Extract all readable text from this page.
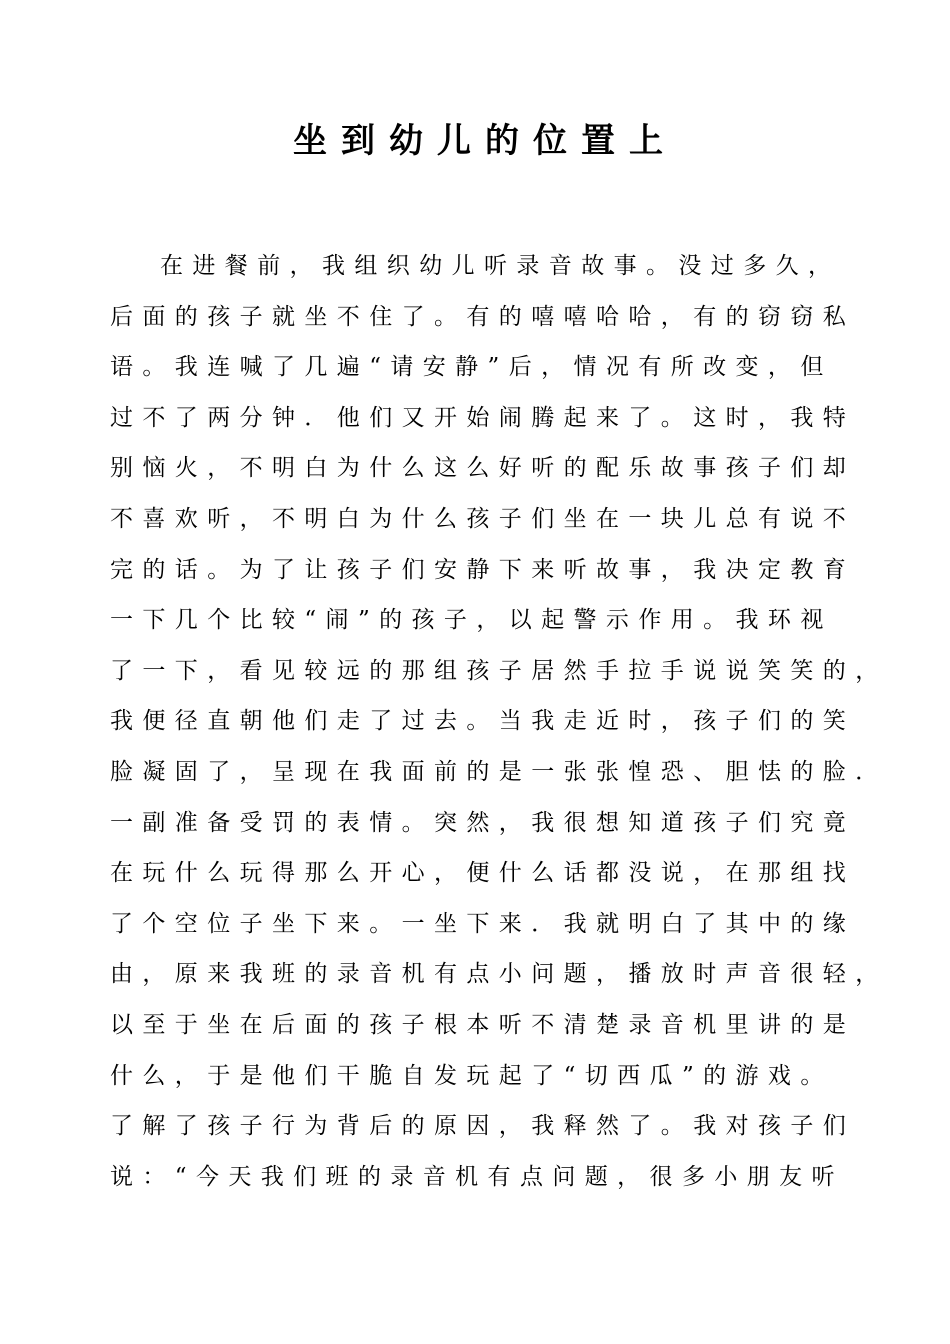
坐到幼儿的位置上
在进餐前，我组织幼儿听录音故事。没过多久，
后面的孩子就坐不住了。有的嘻嘻哈哈，有的窃窃私
语。我连喊了几遍“请安静”后，情况有所改变，但
过不了两分钟．他们又开始闹腾起来了。这时，我特
别恼火，不明白为什么这么好听的配乐故事孩子们却
不喜欢听，不明白为什么孩子们坐在一块儿总有说不
完的话。为了让孩子们安静下来听故事，我决定教育
一下几个比较“闹”的孩子，以起警示作用。我环视
了一下，看见较远的那组孩子居然手拉手说说笑笑的，
我便径直朝他们走了过去。当我走近时，孩子们的笑
脸凝固了，呈现在我面前的是一张张惶恐、胆怯的脸．
一副准备受罚的表情。突然，我很想知道孩子们究竟
在玩什么玩得那么开心，便什么话都没说，在那组找
了个空位子坐下来。一坐下来．我就明白了其中的缘
由，原来我班的录音机有点小问题，播放时声音很轻，
以至于坐在后面的孩子根本听不清楚录音机里讲的是
什么，于是他们干脆自发玩起了“切西瓜”的游戏。
了解了孩子行为背后的原因，我释然了。我对孩子们
说：“今天我们班的录音机有点问题，很多小朋友听
